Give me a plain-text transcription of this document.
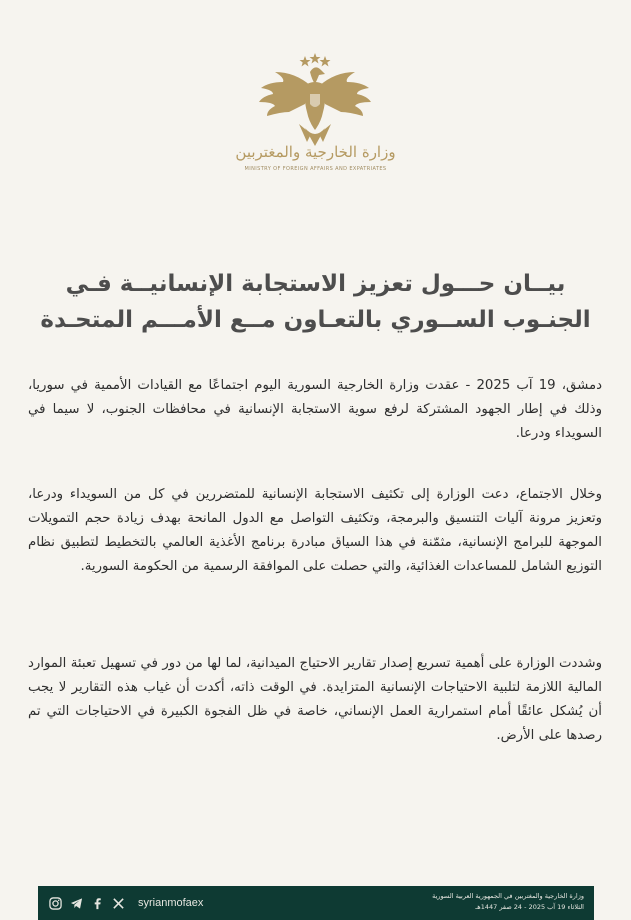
وزارة الخارجية والمغتربين
MINISTRY OF FOREIGN AFFAIRS AND EXPATRIATES
بيــان حـــول تعزيز الاستجابة الإنسانيــة فـي
الجنـوب الســوري بالتعـاون مــع الأمـــم المتحـدة
دمشق، 19 آب 2025 - عقدت وزارة الخارجية السورية اليوم اجتماعًا مع القيادات الأممية في سوريا، وذلك في إطار الجهود المشتركة لرفع سوية الاستجابة الإنسانية في محافظات الجنوب، لا سيما في السويداء ودرعا.
وخلال الاجتماع، دعت الوزارة إلى تكثيف الاستجابة الإنسانية للمتضررين في كل من السويداء ودرعا، وتعزيز مرونة آليات التنسيق والبرمجة، وتكثيف التواصل مع الدول المانحة بهدف زيادة حجم التمويلات الموجهة للبرامج الإنسانية، مثمّنة في هذا السياق مبادرة برنامج الأغذية العالمي بالتخطيط لتطبيق نظام التوزيع الشامل للمساعدات الغذائية، والتي حصلت على الموافقة الرسمية من الحكومة السورية.
وشددت الوزارة على أهمية تسريع إصدار تقارير الاحتياج الميدانية، لما لها من دور في تسهيل تعبئة الموارد المالية اللازمة لتلبية الاحتياجات الإنسانية المتزايدة. في الوقت ذاته، أكدت أن غياب هذه التقارير لا يجب أن يُشكل عائقًا أمام استمرارية العمل الإنساني، خاصة في ظل الفجوة الكبيرة في الاحتياجات التي تم رصدها على الأرض.
syrianmofaex
وزارة الخارجية والمغتربين في الجمهورية العربية السورية
الثلاثاء 19 آب 2025 - 24 صفر 1447هـ
